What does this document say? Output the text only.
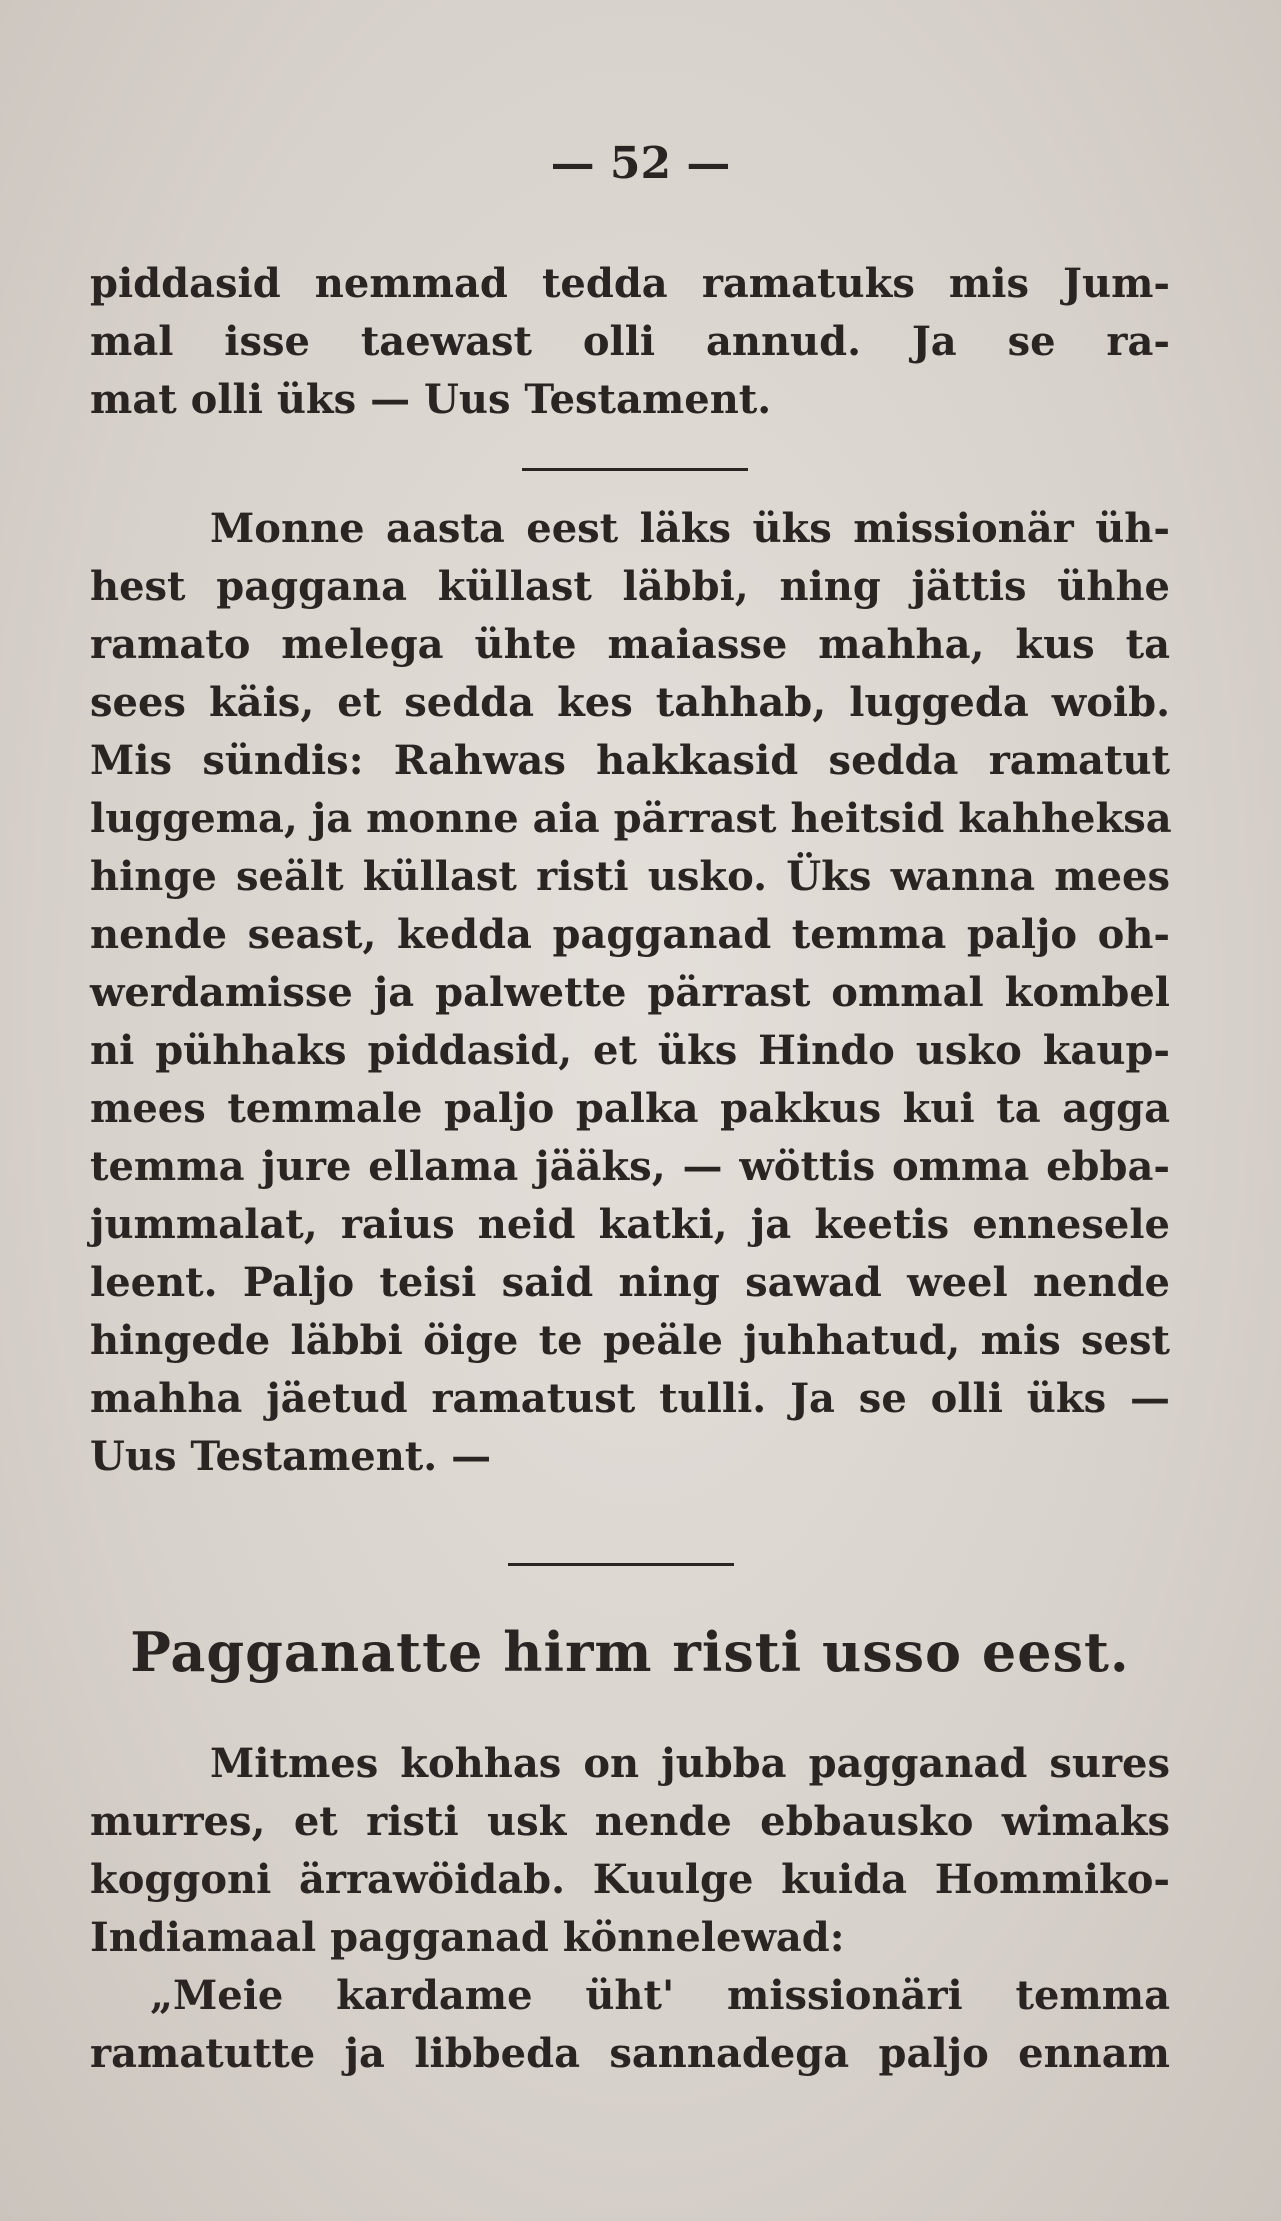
— 52 —
piddasid nemmad tedda ramatuks mis Jum-
mal isse taewast olli annud. Ja se ra-
mat olli üks — Uus Testament.
Monne aasta eest läks üks missionär üh-
hest paggana küllast läbbi, ning jättis ühhe
ramato melega ühte maiasse mahha, kus ta
sees käis, et sedda kes tahhab, luggeda woib.
Mis sündis: Rahwas hakkasid sedda ramatut
luggema, ja monne aia pärrast heitsid kahheksa
hinge seält küllast risti usko. Üks wanna mees
nende seast, kedda pagganad temma paljo oh-
werdamisse ja palwette pärrast ommal kombel
ni pühhaks piddasid, et üks Hindo usko kaup-
mees temmale paljo palka pakkus kui ta agga
temma jure ellama jääks, — wöttis omma ebba-
jummalat, raius neid katki, ja keetis ennesele
leent. Paljo teisi said ning sawad weel nende
hingede läbbi öige te peäle juhhatud, mis sest
mahha jäetud ramatust tulli. Ja se olli üks —
Uus Testament. —
Pagganatte hirm risti usso eest.
Mitmes kohhas on jubba pagganad sures
murres, et risti usk nende ebbausko wimaks
koggoni ärrawöidab. Kuulge kuida Hommiko-
Indiamaal pagganad könnelewad:
„Meie kardame üht' missionäri temma
ramatutte ja libbeda sannadega paljo ennam
